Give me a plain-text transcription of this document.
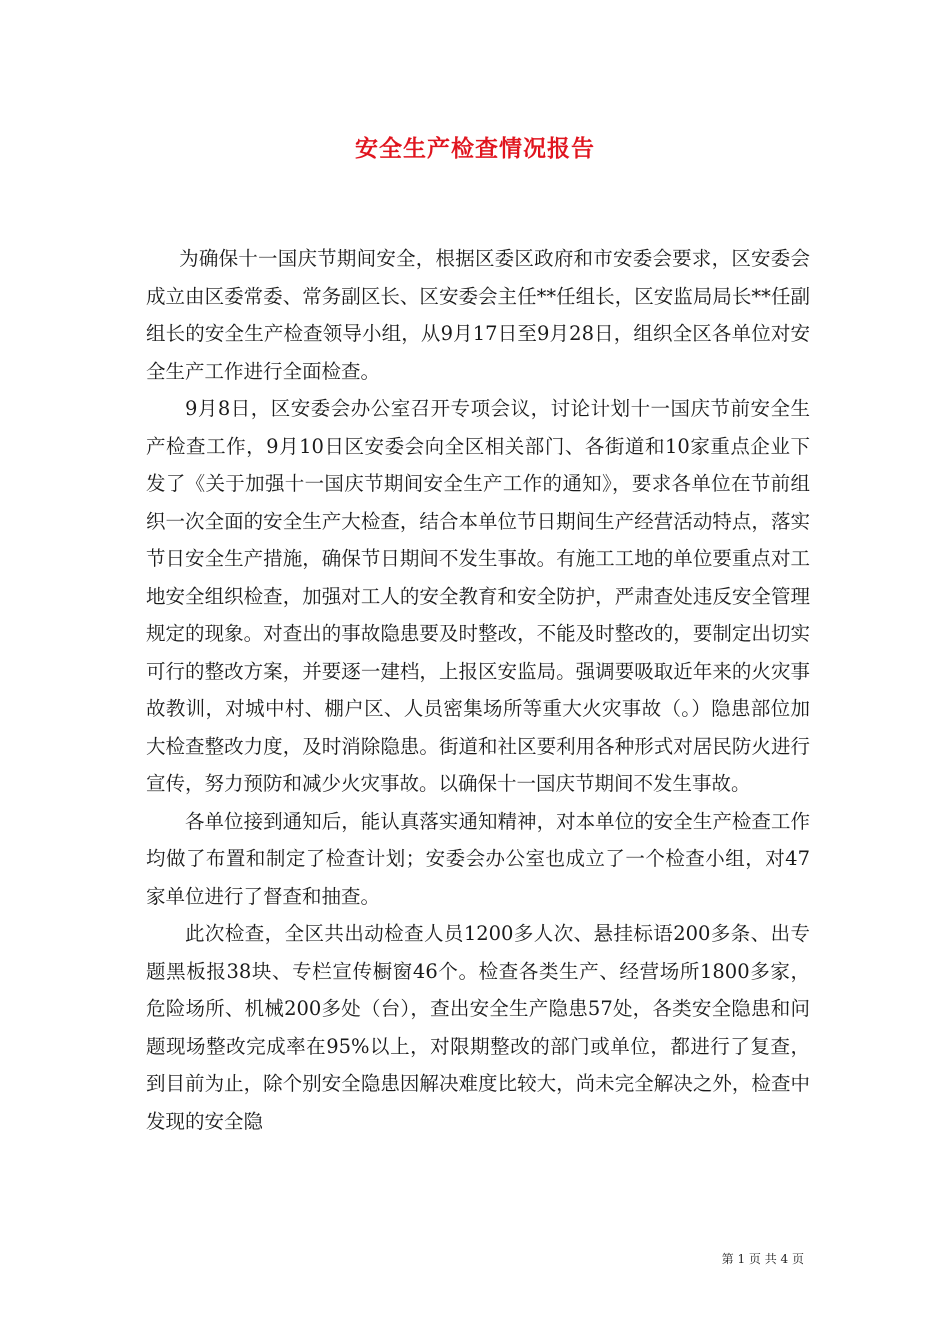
安全生产检查情况报告

为确保十一国庆节期间安全，根据区委区政府和市安委会要求，区安委会成立由区委常委、常务副区长、区安委会主任**任组长，区安监局局长**任副组长的安全生产检查领导小组，从9月17日至9月28日，组织全区各单位对安全生产工作进行全面检查。

9月8日，区安委会办公室召开专项会议，讨论计划十一国庆节前安全生产检查工作，9月10日区安委会向全区相关部门、各街道和10家重点企业下发了《关于加强十一国庆节期间安全生产工作的通知》，要求各单位在节前组织一次全面的安全生产大检查，结合本单位节日期间生产经营活动特点，落实节日安全生产措施，确保节日期间不发生事故。有施工工地的单位要重点对工地安全组织检查，加强对工人的安全教育和安全防护，严肃查处违反安全管理规定的现象。对查出的事故隐患要及时整改，不能及时整改的，要制定出切实可行的整改方案，并要逐一建档，上报区安监局。强调要吸取近年来的火灾事故教训，对城中村、棚户区、人员密集场所等重大火灾事故（。）隐患部位加大检查整改力度，及时消除隐患。街道和社区要利用各种形式对居民防火进行宣传，努力预防和减少火灾事故。以确保十一国庆节期间不发生事故。

各单位接到通知后，能认真落实通知精神，对本单位的安全生产检查工作均做了布置和制定了检查计划；安委会办公室也成立了一个检查小组，对47家单位进行了督查和抽查。

此次检查，全区共出动检查人员1200多人次、悬挂标语200多条、出专题黑板报38块、专栏宣传橱窗46个。检查各类生产、经营场所1800多家，危险场所、机械200多处（台），查出安全生产隐患57处，各类安全隐患和问题现场整改完成率在95%以上，对限期整改的部门或单位，都进行了复查，到目前为止，除个别安全隐患因解决难度比较大，尚未完全解决之外，检查中发现的安全隐

第 1 页 共 4 页
